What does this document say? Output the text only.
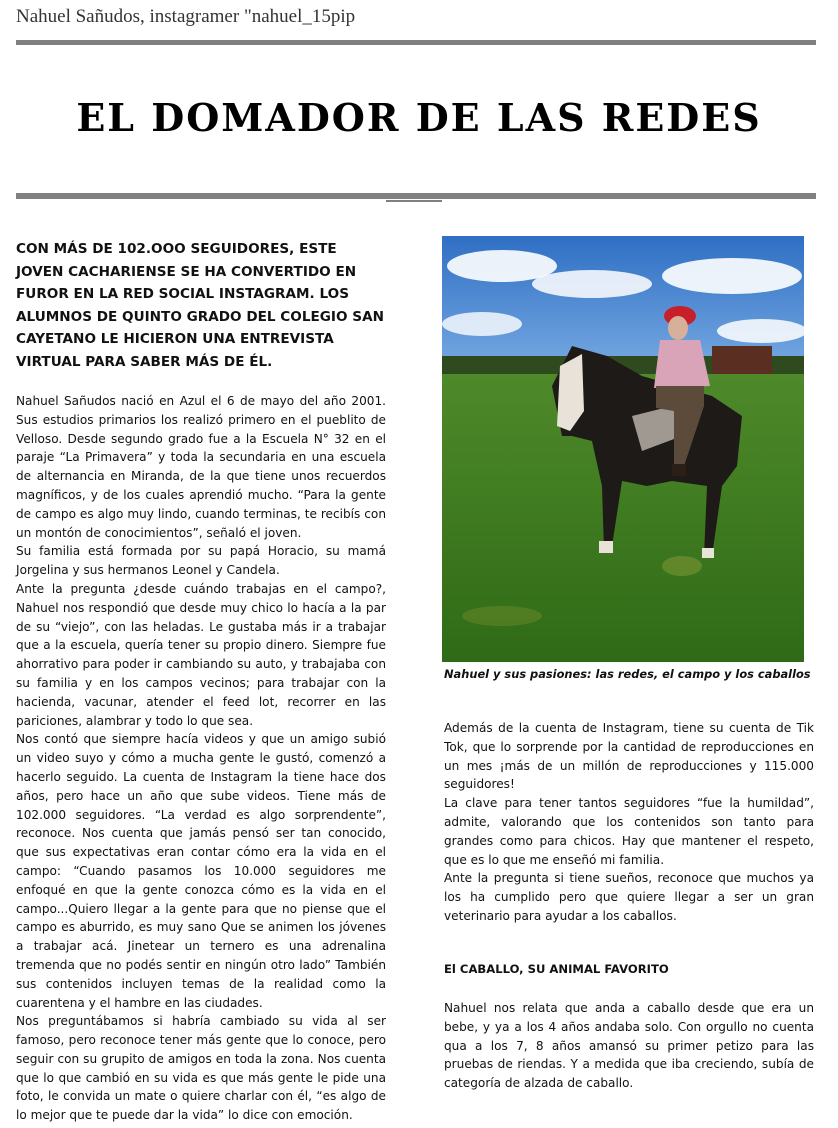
Nahuel Sañudos, instagramer "nahuel_15pip
EL DOMADOR DE LAS REDES
CON MÁS DE 102.OOO SEGUIDORES, ESTE JOVEN CACHARIENSE SE HA CONVERTIDO EN FUROR EN LA RED SOCIAL INSTAGRAM. LOS ALUMNOS DE QUINTO GRADO DEL COLEGIO SAN CAYETANO LE HICIERON UNA ENTREVISTA VIRTUAL PARA SABER MÁS DE ÉL.

Nahuel Sañudos nació en Azul el 6 de mayo del año 2001. Sus estudios primarios los realizó primero en el pueblito de Velloso. Desde segundo grado fue a la Escuela N° 32 en el paraje “La Primavera” y toda la secundaria en una escuela de alternancia en Miranda, de la que tiene unos recuerdos magníficos, y de los cuales aprendió mucho. “Para la gente de campo es algo muy lindo, cuando terminas, te recibís con un montón de conocimientos”, señaló el joven.

Su familia está formada por su papá Horacio, su mamá Jorgelina y sus hermanos Leonel y Candela.

Ante la pregunta ¿desde cuándo trabajas en el campo?, Nahuel nos respondió que desde muy chico lo hacía a la par de su “viejo”, con las heladas. Le gustaba más ir a trabajar que a la escuela, quería tener su propio dinero. Siempre fue ahorrativo para poder ir cambiando su auto, y trabajaba con su familia y en los campos vecinos; para trabajar con la hacienda, vacunar, atender el feed lot, recorrer en las pariciones, alambrar y todo lo que sea.

Nos contó que siempre hacía videos y que un amigo subió un video suyo y cómo a mucha gente le gustó, comenzó a hacerlo seguido. La cuenta de Instagram la tiene hace dos años, pero hace un año que sube videos. Tiene más de 102.000 seguidores. “La verdad es algo sorprendente”, reconoce. Nos cuenta que jamás pensó ser tan conocido, que sus expectativas eran contar cómo era la vida en el campo: “Cuando pasamos los 10.000 seguidores me enfoqué en que la gente conozca cómo es la vida en el campo...Quiero llegar a la gente para que no piense que el campo es aburrido, es muy sano Que se animen los jóvenes a trabajar acá. Jinetear un ternero es una adrenalina tremenda que no podés sentir en ningún otro lado” También sus contenidos incluyen temas de la realidad como la cuarentena y el hambre en las ciudades.

Nos preguntábamos si habría cambiado su vida al ser famoso, pero reconoce tener más gente que lo conoce, pero seguir con su grupito de amigos en toda la zona. Nos cuenta que lo que cambió en su vida es que más gente le pide una foto, le convida un mate o quiere charlar con él, “es algo de lo mejor que te puede dar la vida” lo dice con emoción.

Nahuel y sus pasiones: las redes, el campo y los caballos

Además de la cuenta de Instagram, tiene su cuenta de Tik Tok, que lo sorprende por la cantidad de reproducciones en un mes ¡más de un millón de reproducciones y 115.000 seguidores!

La clave para tener tantos seguidores “fue la humildad”, admite, valorando que los contenidos son tanto para grandes como para chicos. Hay que mantener el respeto, que es lo que me enseñó mi familia.

Ante la pregunta si tiene sueños, reconoce que muchos ya los ha cumplido pero que quiere llegar a ser un gran veterinario para ayudar a los caballos.

El CABALLO, SU ANIMAL FAVORITO

Nahuel nos relata que anda a caballo desde que era un bebe, y ya a los 4 años andaba solo. Con orgullo no cuenta qua a los 7, 8 años amansó su primer petizo para las pruebas de riendas. Y a medida que iba creciendo, subía de categoría de alzada de caballo.
